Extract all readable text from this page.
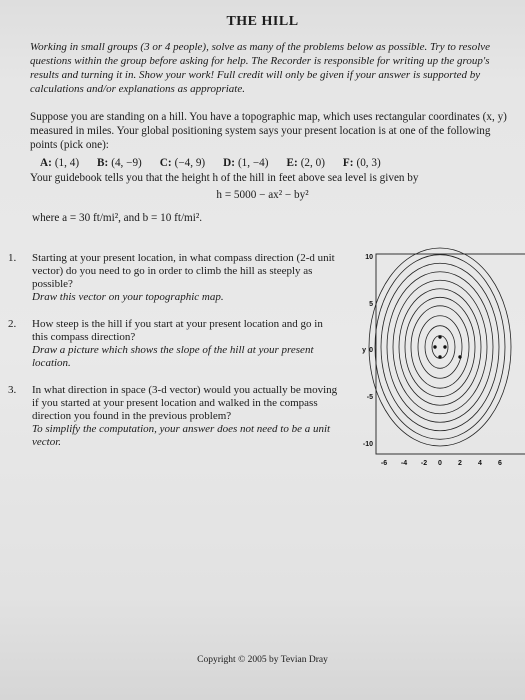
THE HILL
Working in small groups (3 or 4 people), solve as many of the problems below as possible. Try to resolve questions within the group before asking for help. The Recorder is responsible for writing up the group's results and turning it in. Show your work! Full credit will only be given if your answer is supported by calculations and/or explanations as appropriate.
Suppose you are standing on a hill. You have a topographic map, which uses rectangular coordinates (x, y) measured in miles. Your global positioning system says your present location is at one of the following points (pick one):
A: (1, 4) B: (4, −9) C: (−4, 9) D: (1, −4) E: (2, 0) F: (0, 3)
Your guidebook tells you that the height h of the hill in feet above sea level is given by
h = 5000 − ax² − by²
where a = 30 ft/mi², and b = 10 ft/mi².
1. Starting at your present location, in what compass direction (2-d unit vector) do you need to go in order to climb the hill as steeply as possible?
Draw this vector on your topographic map.
2. How steep is the hill if you start at your present location and go in this compass direction?
Draw a picture which shows the slope of the hill at your present location.
3. In what direction in space (3-d vector) would you actually be moving if you started at your present location and walked in the compass direction you found in the previous problem?
To simplify the computation, your answer does not need to be a unit vector.
10
5
y 0
-5
-10
-6 -4 -2 0 2 4 6
Copyright © 2005 by Tevian Dray
